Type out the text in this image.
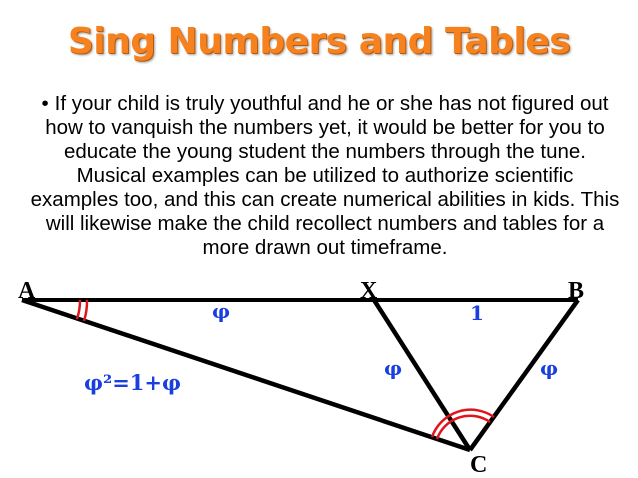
Sing Numbers and Tables
• If your child is truly youthful and he or she has not figured out how to vanquish the numbers yet, it would be better for you to educate the young student the numbers through the tune. Musical examples can be utilized to authorize scientific examples too, and this can create numerical abilities in kids. This will likewise make the child recollect numbers and tables for a more drawn out timeframe.
A	X	B
C
φ	1
φ	φ
φ²=1+φ
